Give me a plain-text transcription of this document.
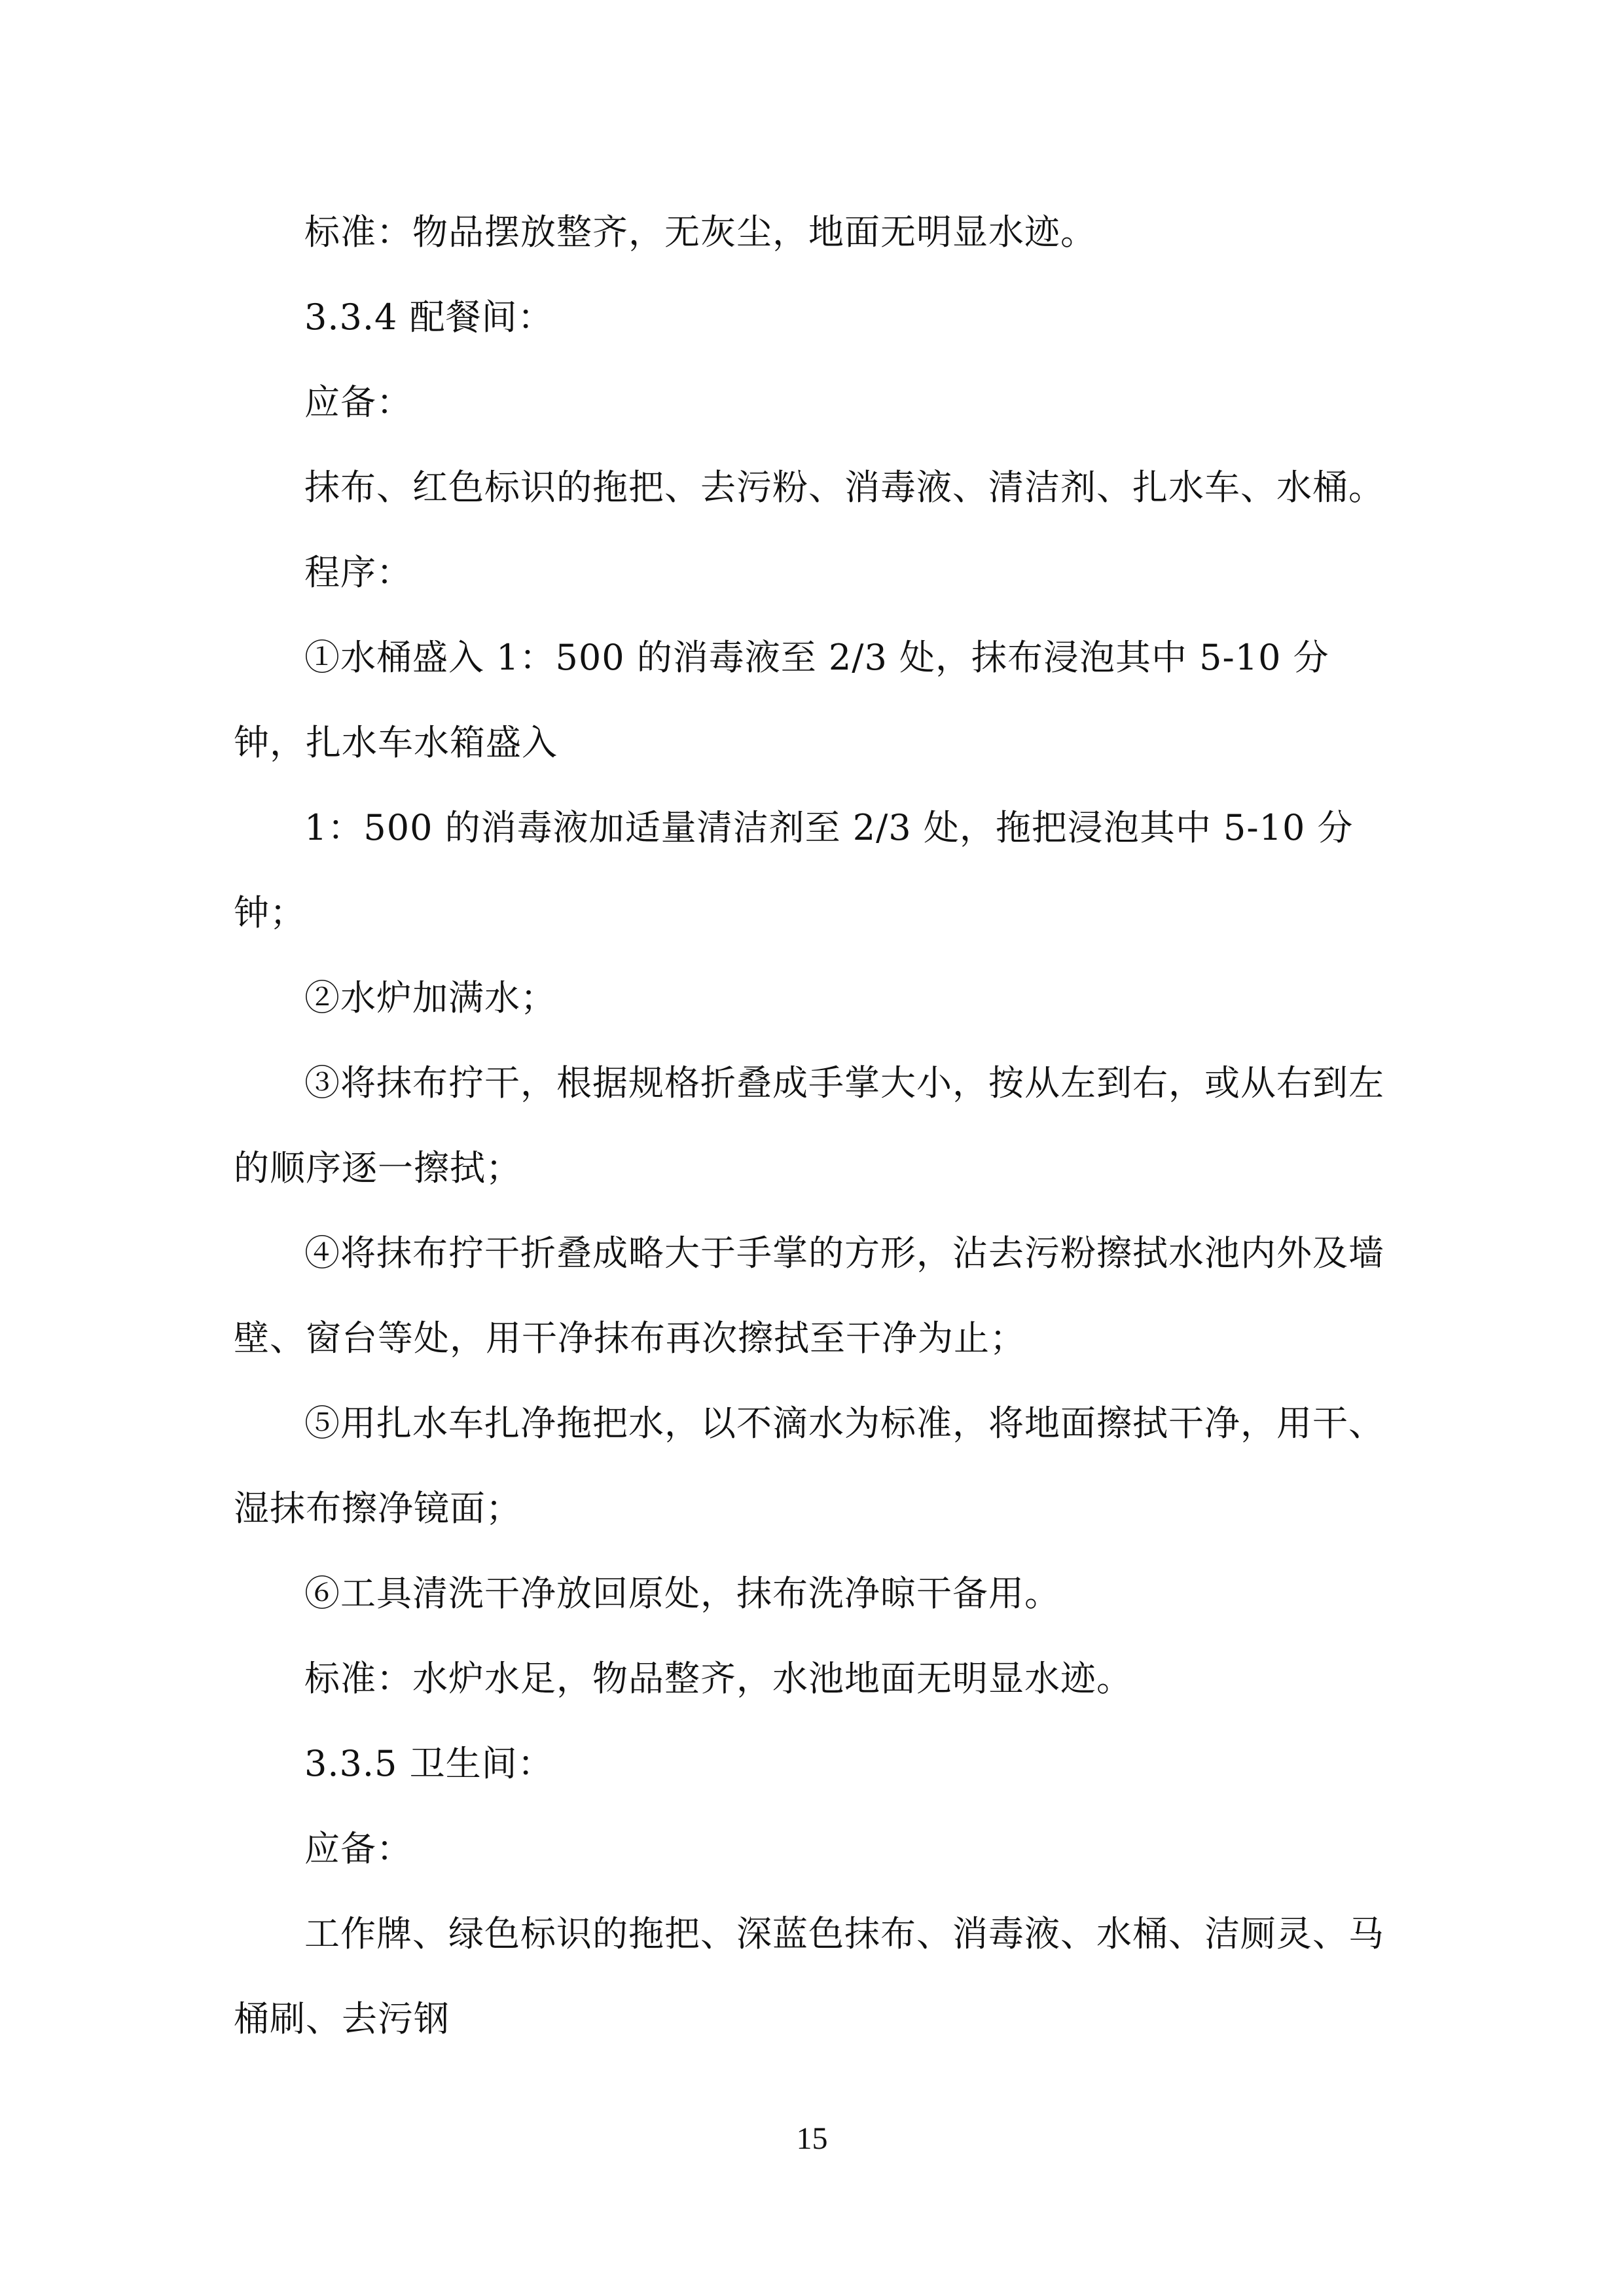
标准：物品摆放整齐，无灰尘，地面无明显水迹。

3.3.4 配餐间：

应备：

抹布、红色标识的拖把、去污粉、消毒液、清洁剂、扎水车、水桶。

程序：

①水桶盛入 1：500 的消毒液至 2/3 处，抹布浸泡其中 5-10 分钟，扎水车水箱盛入

1：500 的消毒液加适量清洁剂至 2/3 处，拖把浸泡其中 5-10 分钟；

②水炉加满水；

③将抹布拧干，根据规格折叠成手掌大小，按从左到右，或从右到左的顺序逐一擦拭；

④将抹布拧干折叠成略大于手掌的方形，沾去污粉擦拭水池内外及墙壁、窗台等处，用干净抹布再次擦拭至干净为止；

⑤用扎水车扎净拖把水，以不滴水为标准，将地面擦拭干净，用干、湿抹布擦净镜面；

⑥工具清洗干净放回原处，抹布洗净晾干备用。

标准：水炉水足，物品整齐，水池地面无明显水迹。

3.3.5 卫生间：

应备：

工作牌、绿色标识的拖把、深蓝色抹布、消毒液、水桶、洁厕灵、马桶刷、去污钢

15
